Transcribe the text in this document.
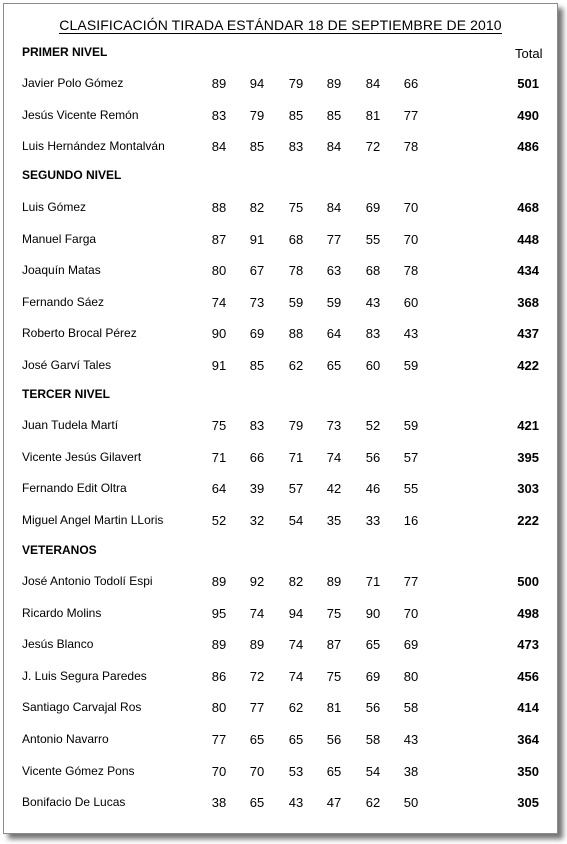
CLASIFICACIÓN TIRADA ESTÁNDAR 18 DE SEPTIEMBRE DE 2010
Total
PRIMER NIVEL
Javier Polo Gómez	89	94	79	89	84	66	501
Jesús Vicente Remón	83	79	85	85	81	77	490
Luis Hernández Montalván	84	85	83	84	72	78	486
SEGUNDO NIVEL
Luis Gómez	88	82	75	84	69	70	468
Manuel Farga	87	91	68	77	55	70	448
Joaquín Matas	80	67	78	63	68	78	434
Fernando Sáez	74	73	59	59	43	60	368
Roberto Brocal Pérez	90	69	88	64	83	43	437
José Garví Tales	91	85	62	65	60	59	422
TERCER NIVEL
Juan Tudela Martí	75	83	79	73	52	59	421
Vicente Jesús Gilavert	71	66	71	74	56	57	395
Fernando Edit Oltra	64	39	57	42	46	55	303
Miguel Angel Martin LLoris	52	32	54	35	33	16	222
VETERANOS
José Antonio Todolí Espi	89	92	82	89	71	77	500
Ricardo Molins	95	74	94	75	90	70	498
Jesús Blanco	89	89	74	87	65	69	473
J. Luis Segura Paredes	86	72	74	75	69	80	456
Santiago Carvajal Ros	80	77	62	81	56	58	414
Antonio Navarro	77	65	65	56	58	43	364
Vicente Gómez Pons	70	70	53	65	54	38	350
Bonifacio De Lucas	38	65	43	47	62	50	305
